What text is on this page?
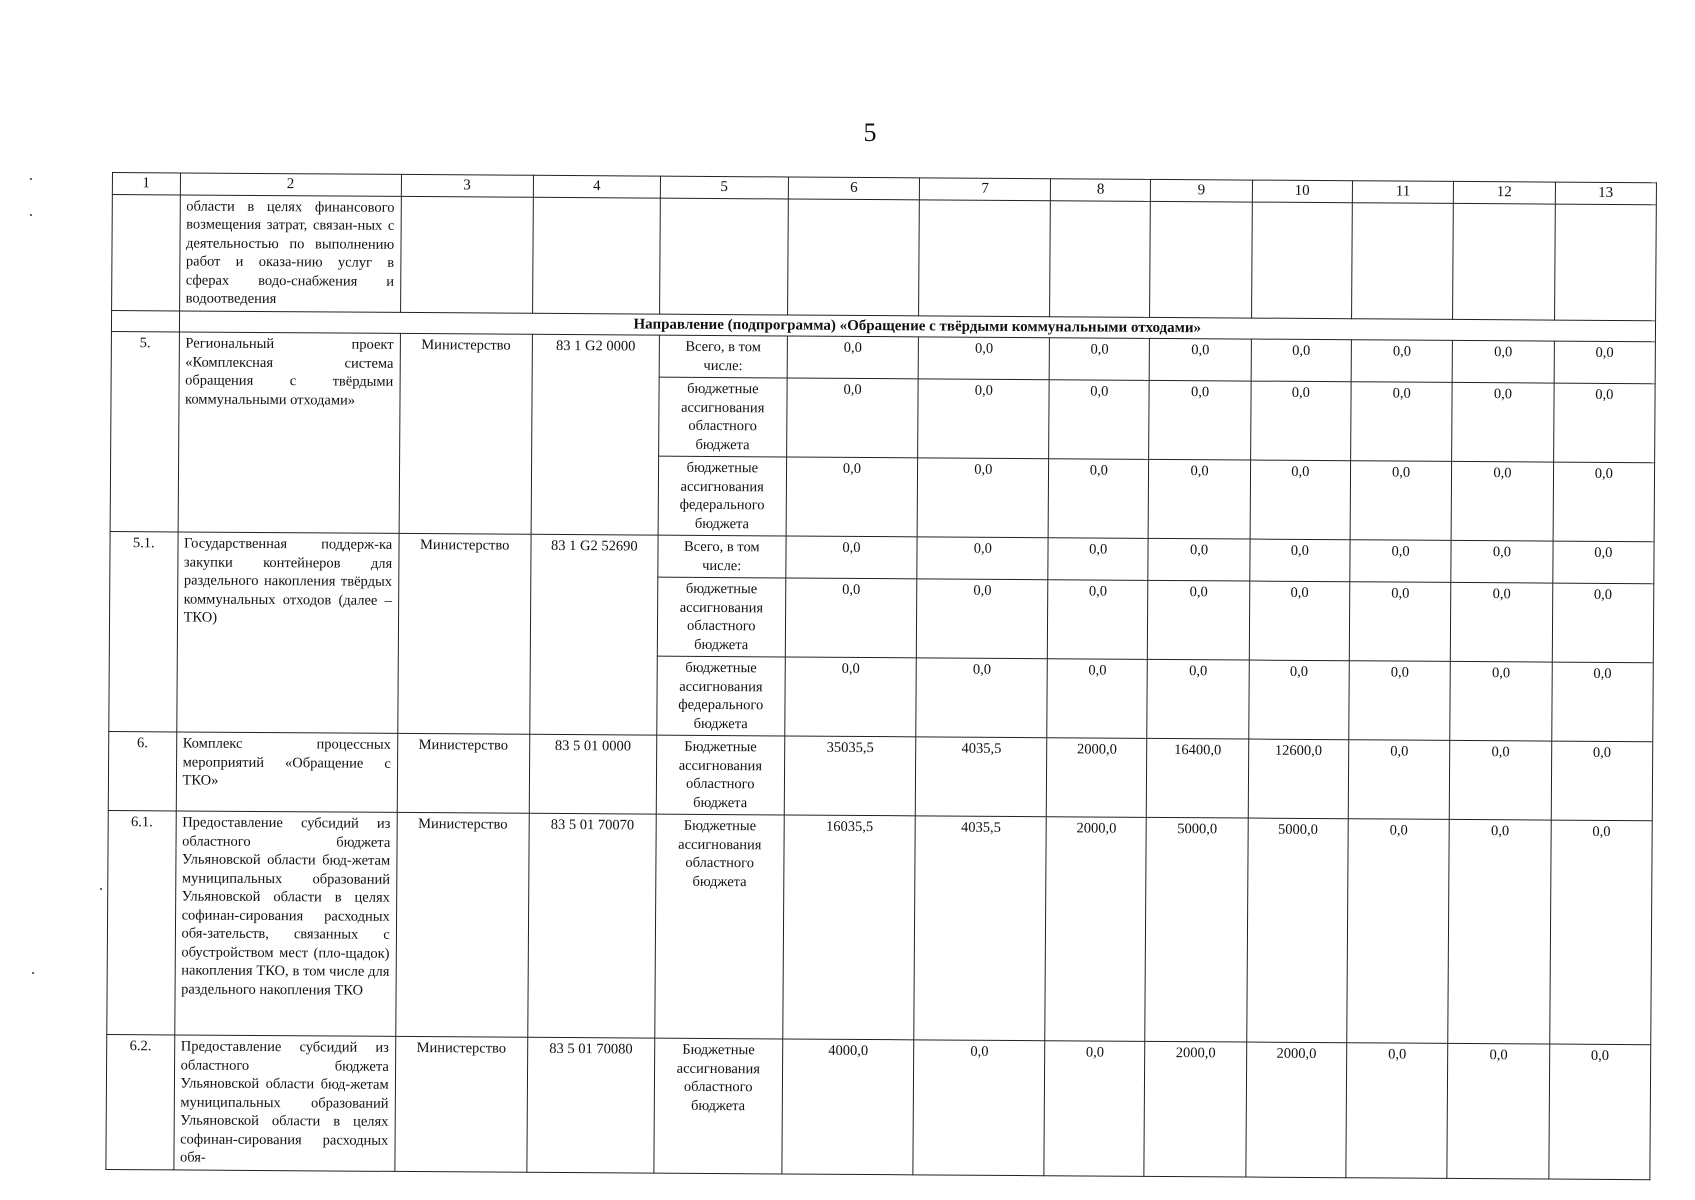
5
1	2	3	4	5	6	7	8	9	10	11	12	13
	области в целях финансового возмещения затрат, связан-ных с деятельностью по выполнению работ и оказа-нию услуг в сферах водо-снабжения и водоотведения											
	Направление (подпрограмма) «Обращение с твёрдыми коммунальными отходами»											
5.	Региональный проект «Комплексная система обращения с твёрдыми коммунальными отходами»	Министерство	83 1 G2 0000	Всего, в том числе:	0,0	0,0	0,0	0,0	0,0	0,0	0,0	0,0
				бюджетные ассигнования областного бюджета	0,0	0,0	0,0	0,0	0,0	0,0	0,0	0,0
				бюджетные ассигнования федерального бюджета	0,0	0,0	0,0	0,0	0,0	0,0	0,0	0,0
5.1.	Государственная поддерж-ка закупки контейнеров для раздельного накопления твёрдых коммунальных отходов (далее – ТКО)	Министерство	83 1 G2 52690	Всего, в том числе:	0,0	0,0	0,0	0,0	0,0	0,0	0,0	0,0
				бюджетные ассигнования областного бюджета	0,0	0,0	0,0	0,0	0,0	0,0	0,0	0,0
				бюджетные ассигнования федерального бюджета	0,0	0,0	0,0	0,0	0,0	0,0	0,0	0,0
6.	Комплекс процессных мероприятий «Обращение с ТКО»	Министерство	83 5 01 0000	Бюджетные ассигнования областного бюджета	35035,5	4035,5	2000,0	16400,0	12600,0	0,0	0,0	0,0
6.1.	Предоставление субсидий из областного бюджета Ульяновской области бюд-жетам муниципальных образований Ульяновской области в целях софинан-сирования расходных обя-зательств, связанных с обустройством мест (пло-щадок) накопления ТКО, в том числе для раздельного накопления ТКО	Министерство	83 5 01 70070	Бюджетные ассигнования областного бюджета	16035,5	4035,5	2000,0	5000,0	5000,0	0,0	0,0	0,0
6.2.	Предоставление субсидий из областного бюджета Ульяновской области бюд-жетам муниципальных образований Ульяновской области в целях софинан-сирования расходных обя-	Министерство	83 5 01 70080	Бюджетные ассигнования областного бюджета	4000,0	0,0	0,0	2000,0	2000,0	0,0	0,0	0,0
